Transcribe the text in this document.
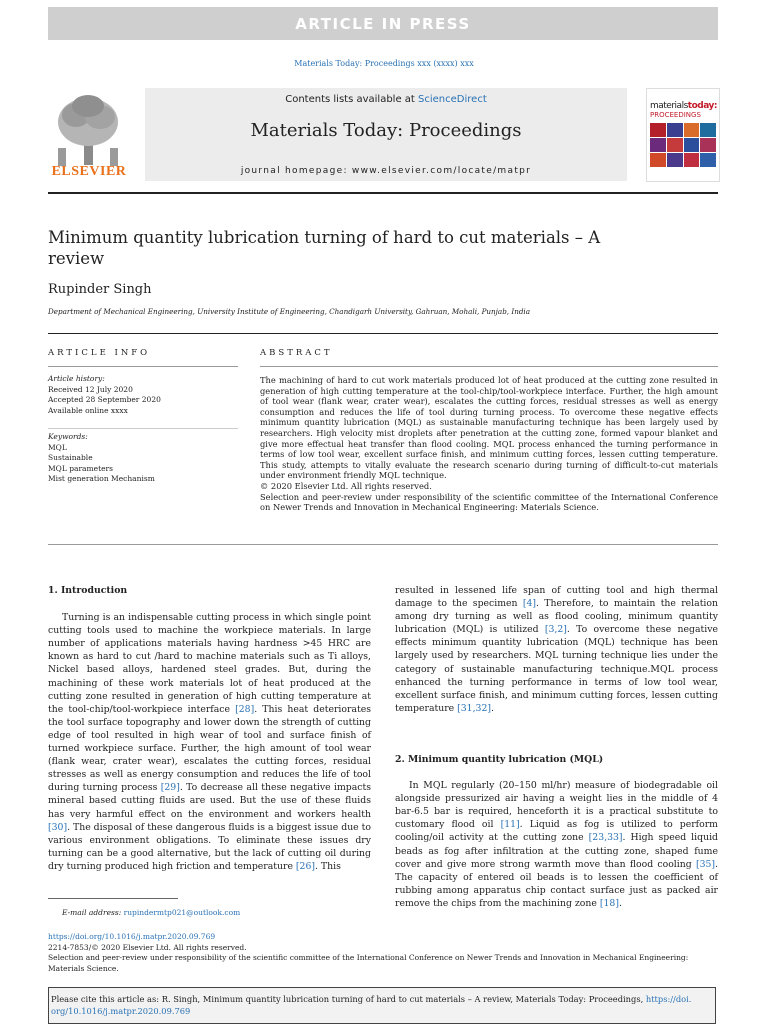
ARTICLE IN PRESS
Materials Today: Proceedings xxx (xxxx) xxx
ELSEVIER
Contents lists available at ScienceDirect
Materials Today: Proceedings
journal homepage: www.elsevier.com/locate/matpr
materialstoday:
PROCEEDINGS
Minimum quantity lubrication turning of hard to cut materials – A review
Rupinder Singh
Department of Mechanical Engineering, University Institute of Engineering, Chandigarh University, Gahruan, Mohali, Punjab, India
ARTICLE INFO
Article history:
Received 12 July 2020
Accepted 28 September 2020
Available online xxxx
Keywords:
MQL
Sustainable
MQL parameters
Mist generation Mechanism
ABSTRACT

The machining of hard to cut work materials produced lot of heat produced at the cutting zone resulted in generation of high cutting temperature at the tool-chip/tool-workpiece interface. Further, the high amount of tool wear (flank wear, crater wear), escalates the cutting forces, residual stresses as well as energy consumption and reduces the life of tool during turning process. To overcome these negative effects minimum quantity lubrication (MQL) as sustainable manufacturing technique has been largely used by researchers. High velocity mist droplets after penetration at the cutting zone, formed vapour blanket and give more effectual heat transfer than flood cooling. MQL process enhanced the turning performance in terms of low tool wear, excellent surface finish, and minimum cutting forces, lessen cutting temperature. This study, attempts to vitally evaluate the research scenario during turning of difficult-to-cut materials under environment friendly MQL technique.

© 2020 Elsevier Ltd. All rights reserved.

Selection and peer-review under responsibility of the scientific committee of the International Conference on Newer Trends and Innovation in Mechanical Engineering: Materials Science.

1. Introduction

Turning is an indispensable cutting process in which single point cutting tools used to machine the workpiece materials. In large number of applications materials having hardness >45 HRC are known as hard to cut /hard to machine materials such as Ti alloys, Nickel based alloys, hardened steel grades. But, during the machining of these work materials lot of heat produced at the cutting zone resulted in generation of high cutting temperature at the tool-chip/tool-workpiece interface [28]. This heat deteriorates the tool surface topography and lower down the strength of cutting edge of tool resulted in high wear of tool and surface finish of turned workpiece surface. Further, the high amount of tool wear (flank wear, crater wear), escalates the cutting forces, residual stresses as well as energy consumption and reduces the life of tool during turning process [29]. To decrease all these negative impacts mineral based cutting fluids are used. But the use of these fluids has very harmful effect on the environment and workers health [30]. The disposal of these dangerous fluids is a biggest issue due to various environment obligations. To eliminate these issues dry turning can be a good alternative, but the lack of cutting oil during dry turning produced high friction and temperature [26]. This

resulted in lessened life span of cutting tool and high thermal damage to the specimen [4]. Therefore, to maintain the relation among dry turning as well as flood cooling, minimum quantity lubrication (MQL) is utilized [3,2]. To overcome these negative effects minimum quantity lubrication (MQL) technique has been largely used by researchers. MQL turning technique lies under the category of sustainable manufacturing technique.MQL process enhanced the turning performance in terms of low tool wear, excellent surface finish, and minimum cutting forces, lessen cutting temperature [31,32].

2. Minimum quantity lubrication (MQL)

In MQL regularly (20–150 ml/hr) measure of biodegradable oil alongside pressurized air having a weight lies in the middle of 4 bar-6.5 bar is required, henceforth it is a practical substitute to customary flood oil [11]. Liquid as fog is utilized to perform cooling/oil activity at the cutting zone [23,33]. High speed liquid beads as fog after infiltration at the cutting zone, shaped fume cover and give more strong warmth move than flood cooling [35]. The capacity of entered oil beads is to lessen the coefficient of rubbing among apparatus chip contact surface just as packed air remove the chips from the machining zone [18].

E-mail address: rupindermtp021@outlook.com
https://doi.org/10.1016/j.matpr.2020.09.769
2214-7853/© 2020 Elsevier Ltd. All rights reserved.
Selection and peer-review under responsibility of the scientific committee of the International Conference on Newer Trends and Innovation in Mechanical Engineering: Materials Science.
Please cite this article as: R. Singh, Minimum quantity lubrication turning of hard to cut materials – A review, Materials Today: Proceedings, https://doi.
org/10.1016/j.matpr.2020.09.769
